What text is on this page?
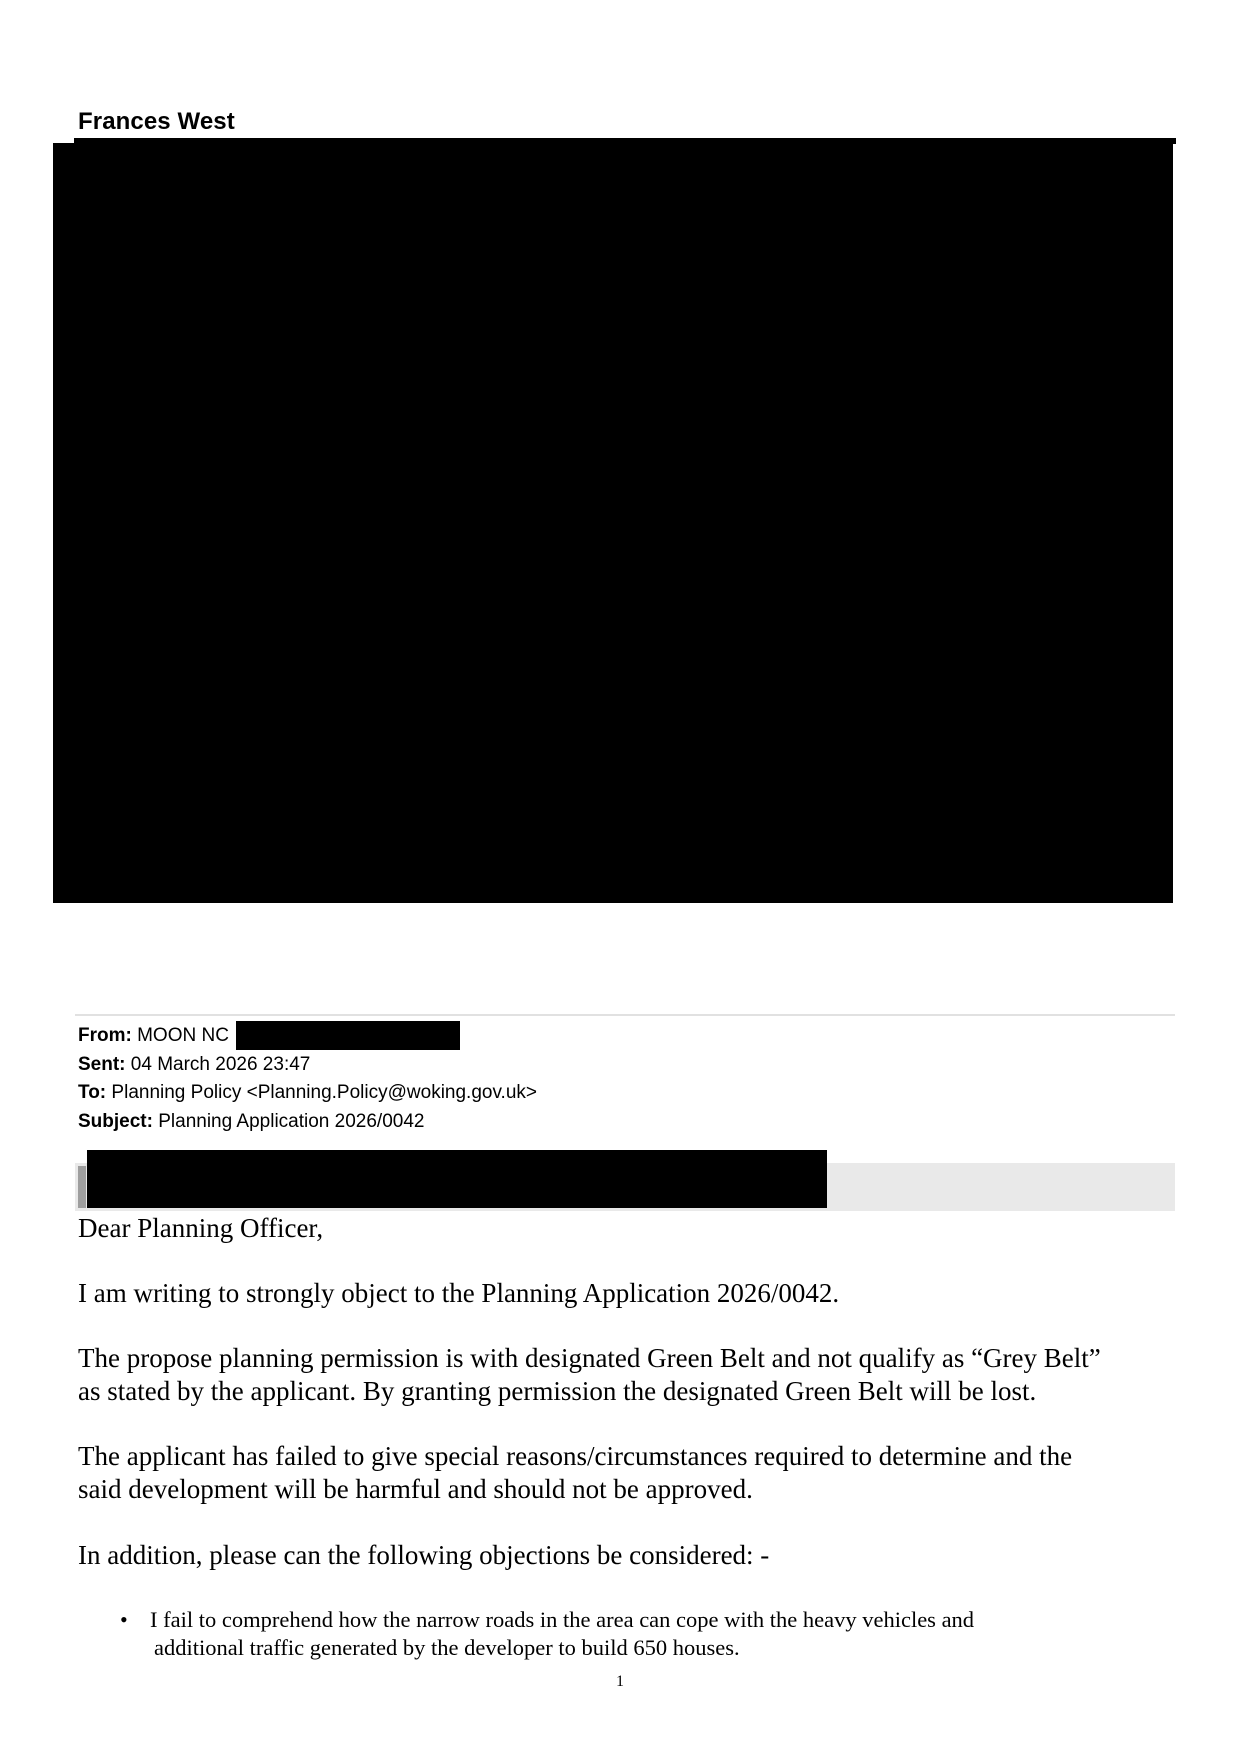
Frances West
From: MOON NC
Sent: 04 March 2026 23:47
To: Planning Policy <Planning.Policy@woking.gov.uk>
Subject: Planning Application 2026/0042
Dear Planning Officer,
I am writing to strongly object to the Planning Application 2026/0042.
The propose planning permission is with designated Green Belt and not qualify as “Grey Belt”
as stated by the applicant. By granting permission the designated Green Belt will be lost.
The applicant has failed to give special reasons/circumstances required to determine and the
said development will be harmful and should not be approved.
In addition, please can the following objections be considered: -
• I fail to comprehend how the narrow roads in the area can cope with the heavy vehicles and
additional traffic generated by the developer to build 650 houses.
1
